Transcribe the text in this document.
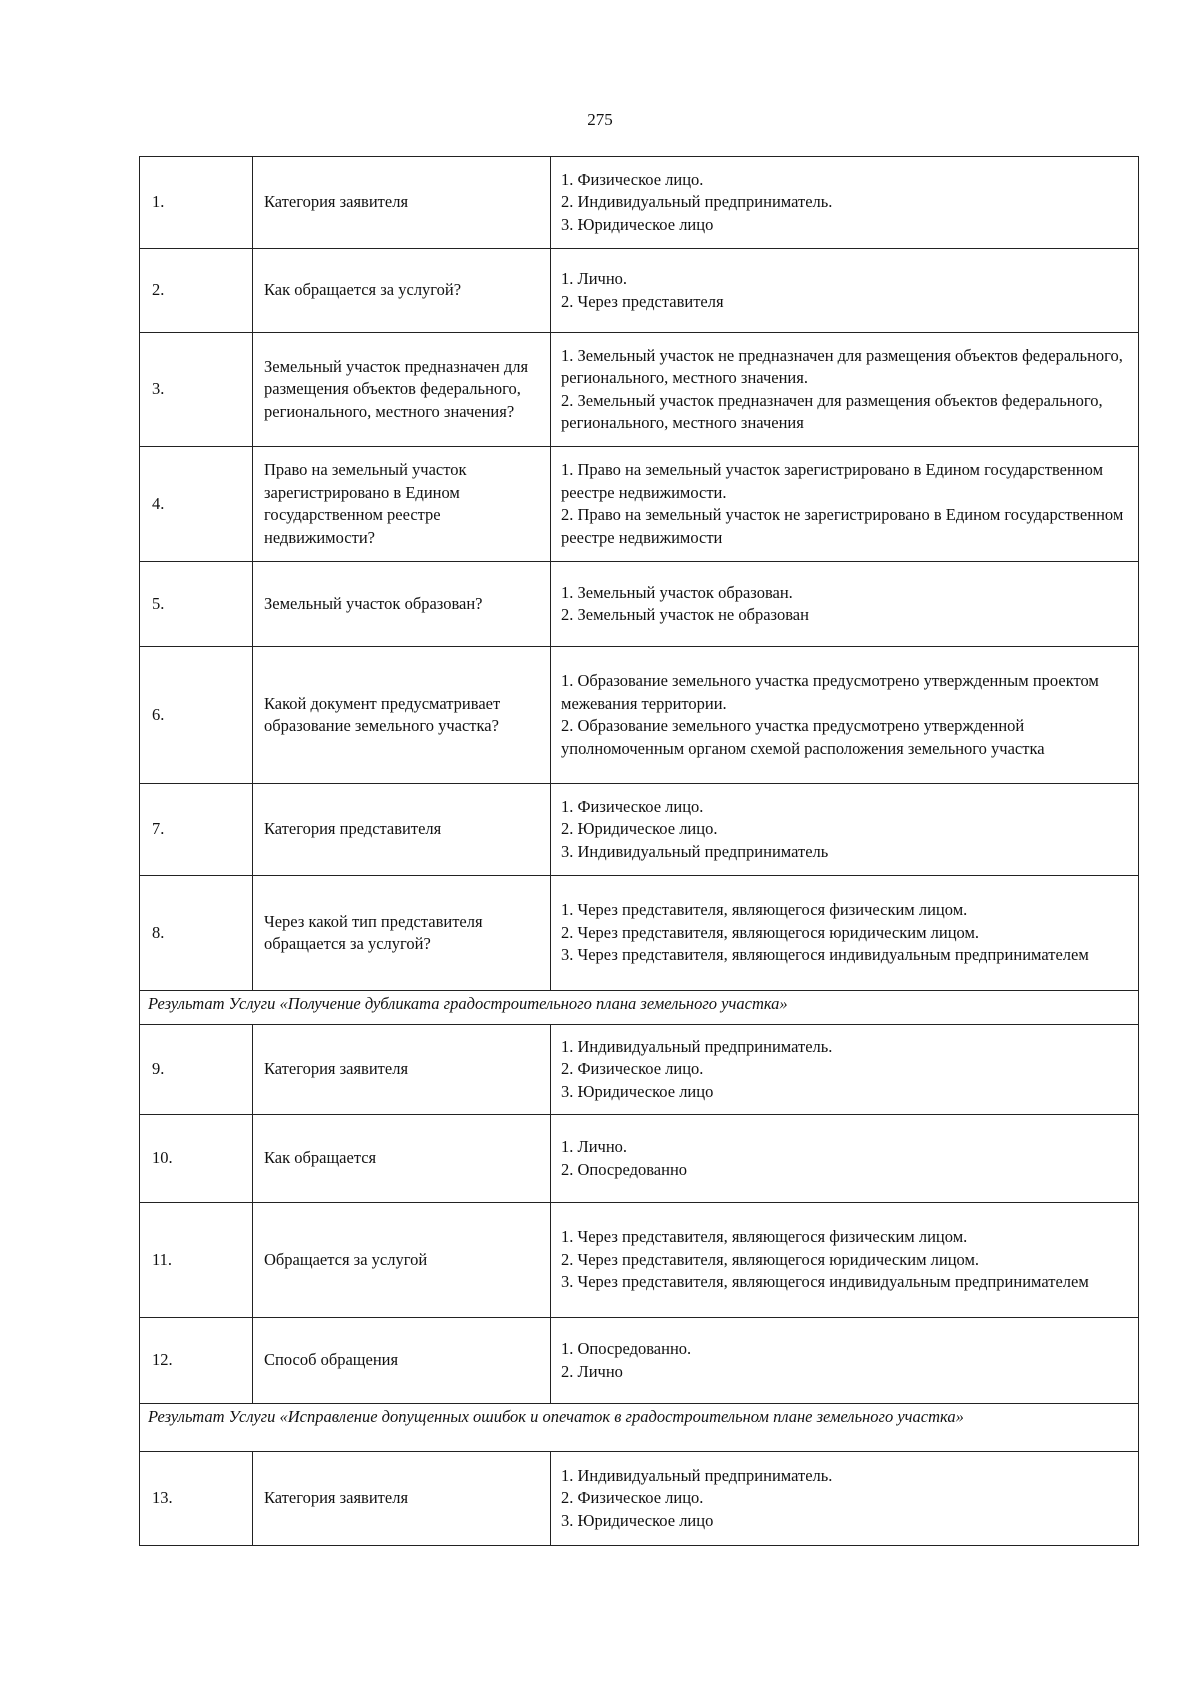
275
1.	Категория заявителя	1. Физическое лицо.
2. Индивидуальный предприниматель.
3. Юридическое лицо

2.	Как обращается за услугой?	1. Лично.
2. Через представителя

3.	Земельный участок предназначен для размещения объектов федерального, регионального, местного значения?	1. Земельный участок не предназначен для размещения объектов федерального, регионального, местного значения.
2. Земельный участок предназначен для размещения объектов федерального, регионального, местного значения

4.	Право на земельный участок зарегистрировано в Едином государственном реестре недвижимости?	1. Право на земельный участок зарегистрировано в Едином государственном реестре недвижимости.
2. Право на земельный участок не зарегистрировано в Едином государственном реестре недвижимости

5.	Земельный участок образован?	1. Земельный участок образован.
2. Земельный участок не образован

6.	Какой документ предусматривает образование земельного участка?	1. Образование земельного участка предусмотрено утвержденным проектом межевания территории.
2. Образование земельного участка предусмотрено утвержденной уполномоченным органом схемой расположения земельного участка

7.	Категория представителя	1. Физическое лицо.
2. Юридическое лицо.
3. Индивидуальный предприниматель

8.	Через какой тип представителя обращается за услугой?	1. Через представителя, являющегося физическим лицом.
2. Через представителя, являющегося юридическим лицом.
3. Через представителя, являющегося индивидуальным предпринимателем

Результат Услуги «Получение дубликата градостроительного плана земельного участка»		
9.	Категория заявителя	1. Индивидуальный предприниматель.
2. Физическое лицо.
3. Юридическое лицо

10.	Как обращается	1. Лично.
2. Опосредованно

11.	Обращается за услугой	1. Через представителя, являющегося физическим лицом.
2. Через представителя, являющегося юридическим лицом.
3. Через представителя, являющегося индивидуальным предпринимателем

12.	Способ обращения	1. Опосредованно.
2. Лично

Результат Услуги «Исправление допущенных ошибок и опечаток в градостроительном плане земельного участка»		
13.	Категория заявителя	1. Индивидуальный предприниматель.
2. Физическое лицо.
3. Юридическое лицо
